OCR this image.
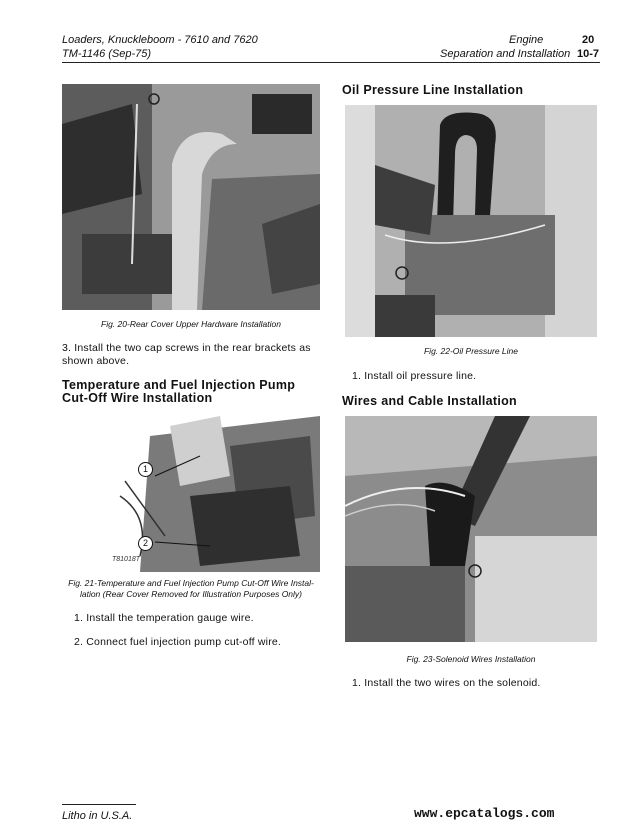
Loaders, Knuckleboom - 7610 and 7620
TM-1146 (Sep-75)
Engine	20
Separation and Installation 10-7
Fig. 20-Rear Cover Upper Hardware Installation
3. Install the two cap screws in the rear brackets as shown above.
Temperature and Fuel Injection Pump
Cut-Off Wire Installation
1
2
T81018T
Fig. 21-Temperature and Fuel Injection Pump Cut-Off Wire Instal-
lation (Rear Cover Removed for Illustration Purposes Only)
1. Install the temperation gauge wire.
2. Connect fuel injection pump cut-off wire.
Oil Pressure Line Installation
Fig. 22-Oil Pressure Line
1. Install oil pressure line.
Wires and Cable Installation
Fig. 23-Solenoid Wires Installation
1. Install the two wires on the solenoid.
Litho in U.S.A.	www.epcatalogs.com
